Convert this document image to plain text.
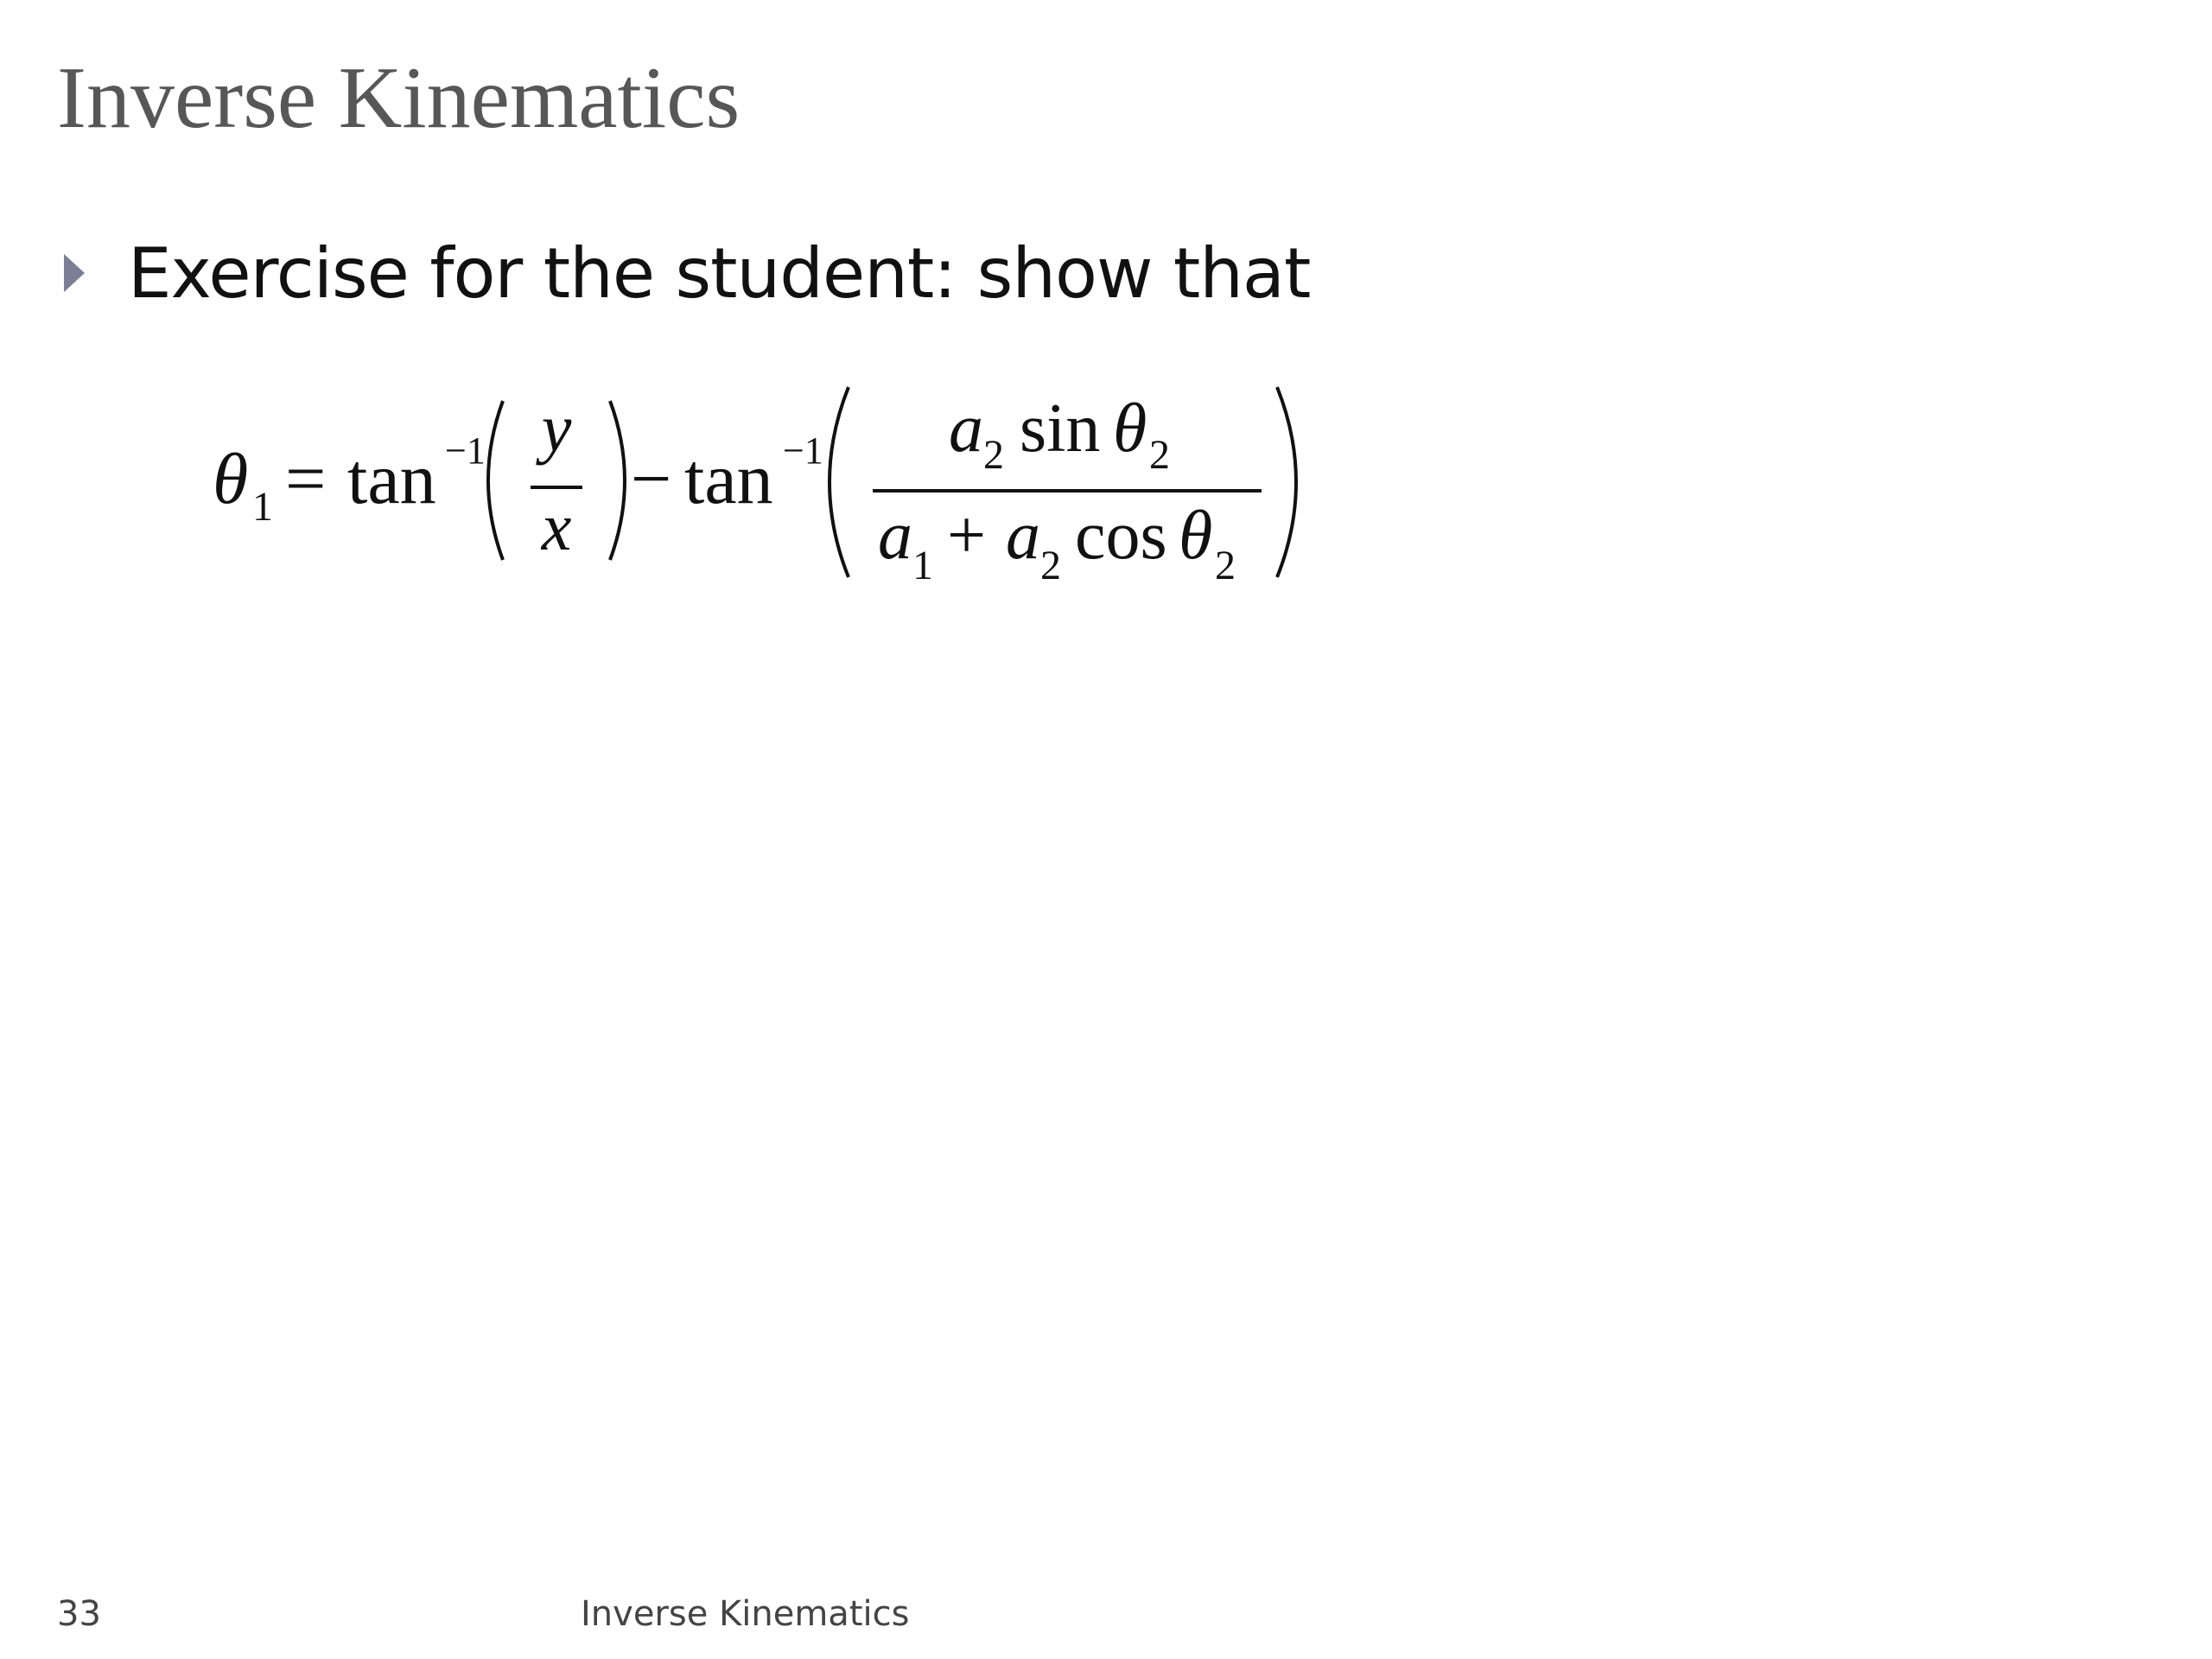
Inverse Kinematics
Exercise for the student: show that
θ 1 = tan −1 y
x
− tan −1 a 2 sin θ 2
a 1 + a 2 cos θ 2
33	Inverse Kinematics
